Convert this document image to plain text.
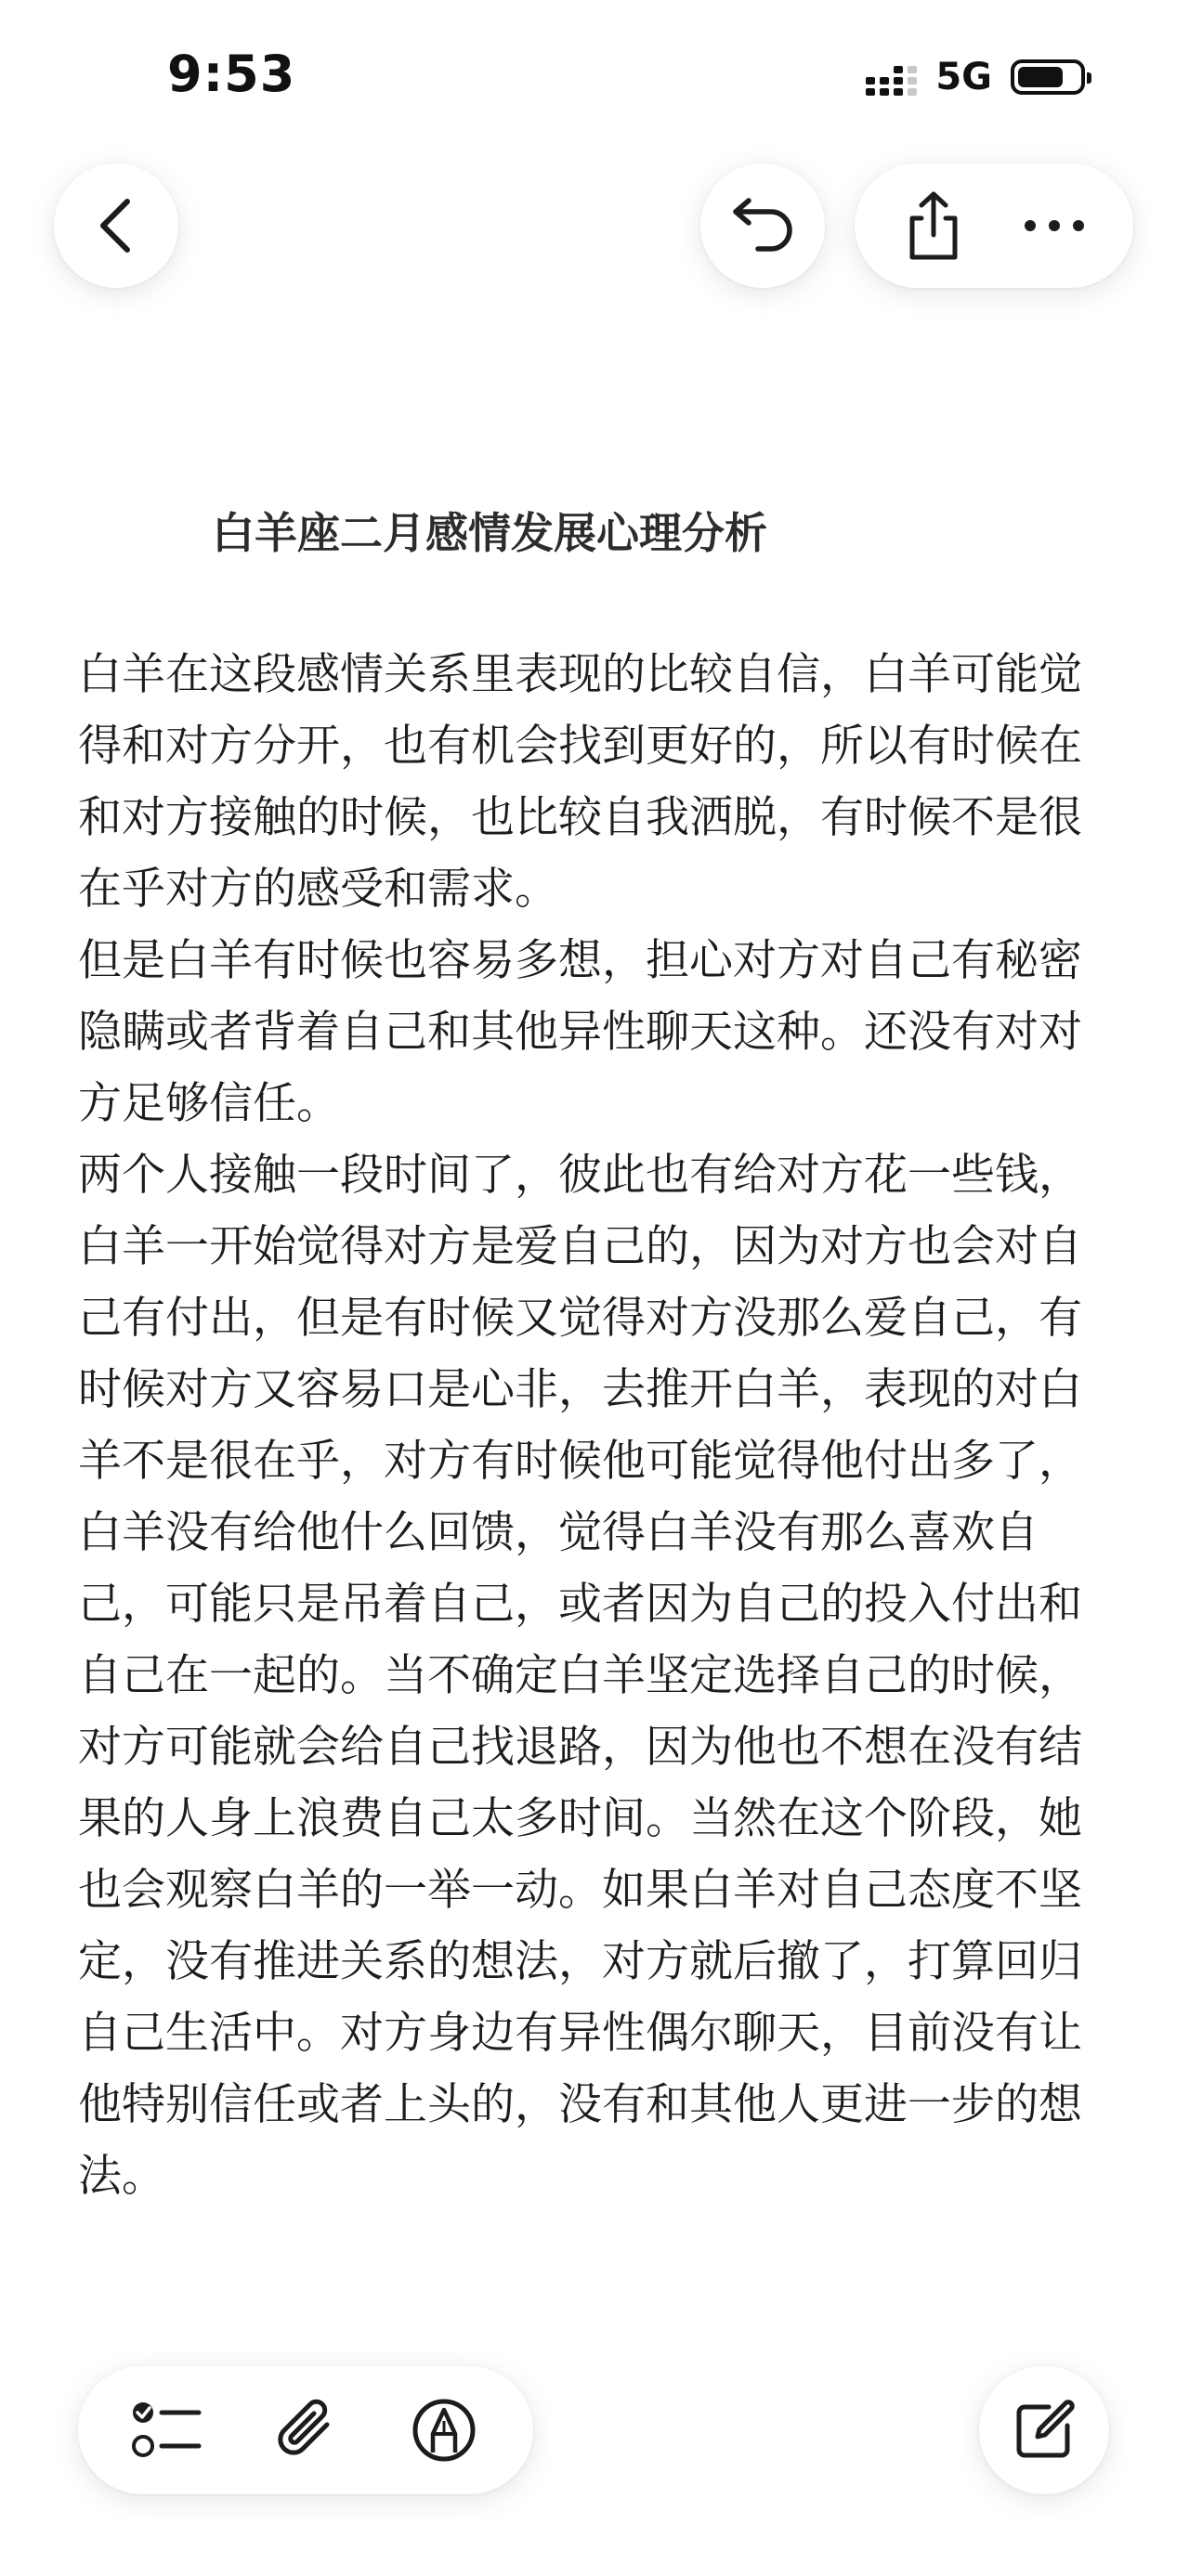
9:53	5G
白羊座二月感情发展心理分析

白羊在这段感情关系里表现的比较自信，白羊可能觉得和对方分开，也有机会找到更好的，所以有时候在和对方接触的时候，也比较自我洒脱，有时候不是很在乎对方的感受和需求。

但是白羊有时候也容易多想，担心对方对自己有秘密隐瞒或者背着自己和其他异性聊天这种。还没有对对方足够信任。

两个人接触一段时间了，彼此也有给对方花一些钱，白羊一开始觉得对方是爱自己的，因为对方也会对自己有付出，但是有时候又觉得对方没那么爱自己，有时候对方又容易口是心非，去推开白羊，表现的对白羊不是很在乎，对方有时候他可能觉得他付出多了，白羊没有给他什么回馈，觉得白羊没有那么喜欢自己，可能只是吊着自己，或者因为自己的投入付出和自己在一起的。当不确定白羊坚定选择自己的时候，对方可能就会给自己找退路，因为他也不想在没有结果的人身上浪费自己太多时间。当然在这个阶段，她也会观察白羊的一举一动。如果白羊对自己态度不坚定，没有推进关系的想法，对方就后撤了，打算回归自己生活中。对方身边有异性偶尔聊天，目前没有让他特别信任或者上头的，没有和其他人更进一步的想法。
